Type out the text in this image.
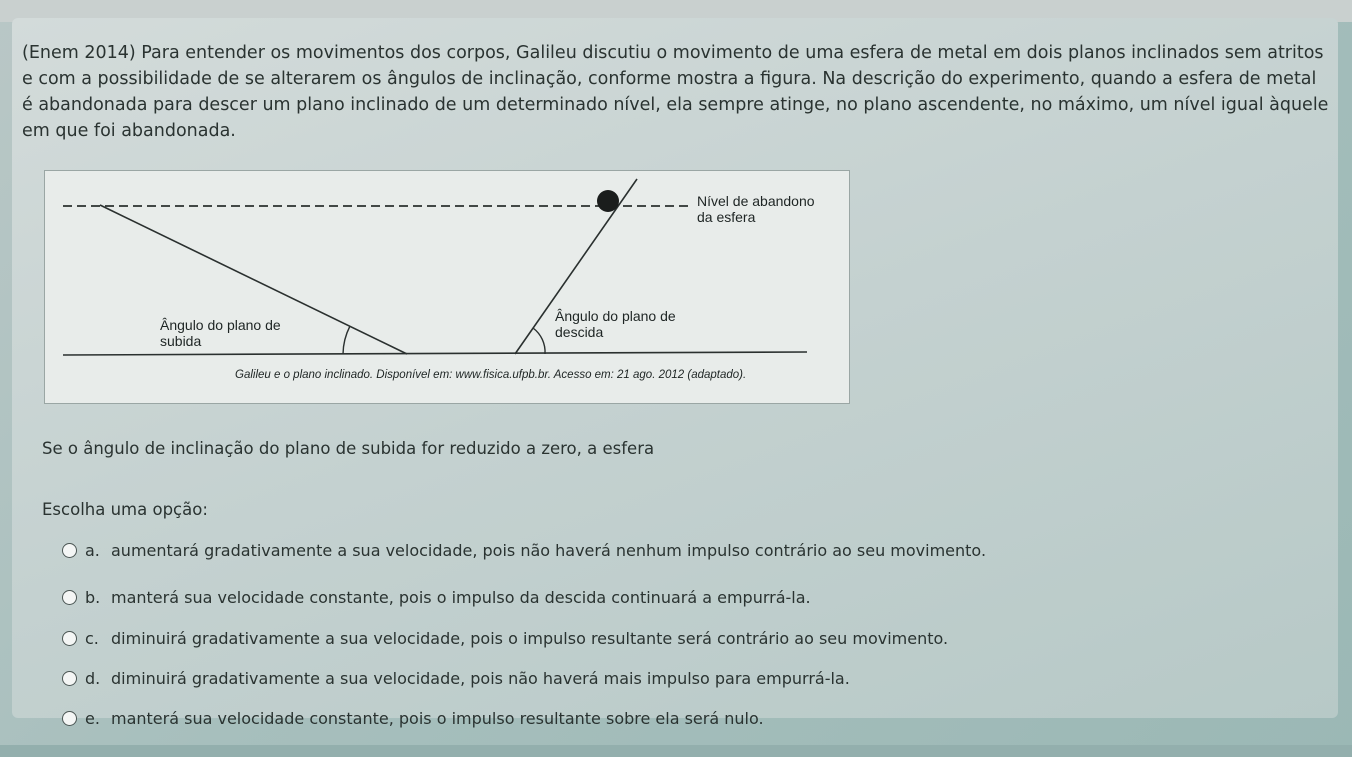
(Enem 2014) Para entender os movimentos dos corpos, Galileu discutiu o movimento de uma esfera de metal em dois planos inclinados sem atritos e com a possibilidade de se alterarem os ângulos de inclinação, conforme mostra a figura. Na descrição do experimento, quando a esfera de metal é abandonada para descer um plano inclinado de um determinado nível, ela sempre atinge, no plano ascendente, no máximo, um nível igual àquele em que foi abandonada.
Nível de abandono
da esfera
Ângulo do plano de
subida
Ângulo do plano de
descida
Galileu e o plano inclinado. Disponível em: www.fisica.ufpb.br. Acesso em: 21 ago. 2012 (adaptado).
Se o ângulo de inclinação do plano de subida for reduzido a zero, a esfera
Escolha uma opção:
a. aumentará gradativamente a sua velocidade, pois não haverá nenhum impulso contrário ao seu movimento.
b. manterá sua velocidade constante, pois o impulso da descida continuará a empurrá-la.
c. diminuirá gradativamente a sua velocidade, pois o impulso resultante será contrário ao seu movimento.
d. diminuirá gradativamente a sua velocidade, pois não haverá mais impulso para empurrá-la.
e. manterá sua velocidade constante, pois o impulso resultante sobre ela será nulo.
